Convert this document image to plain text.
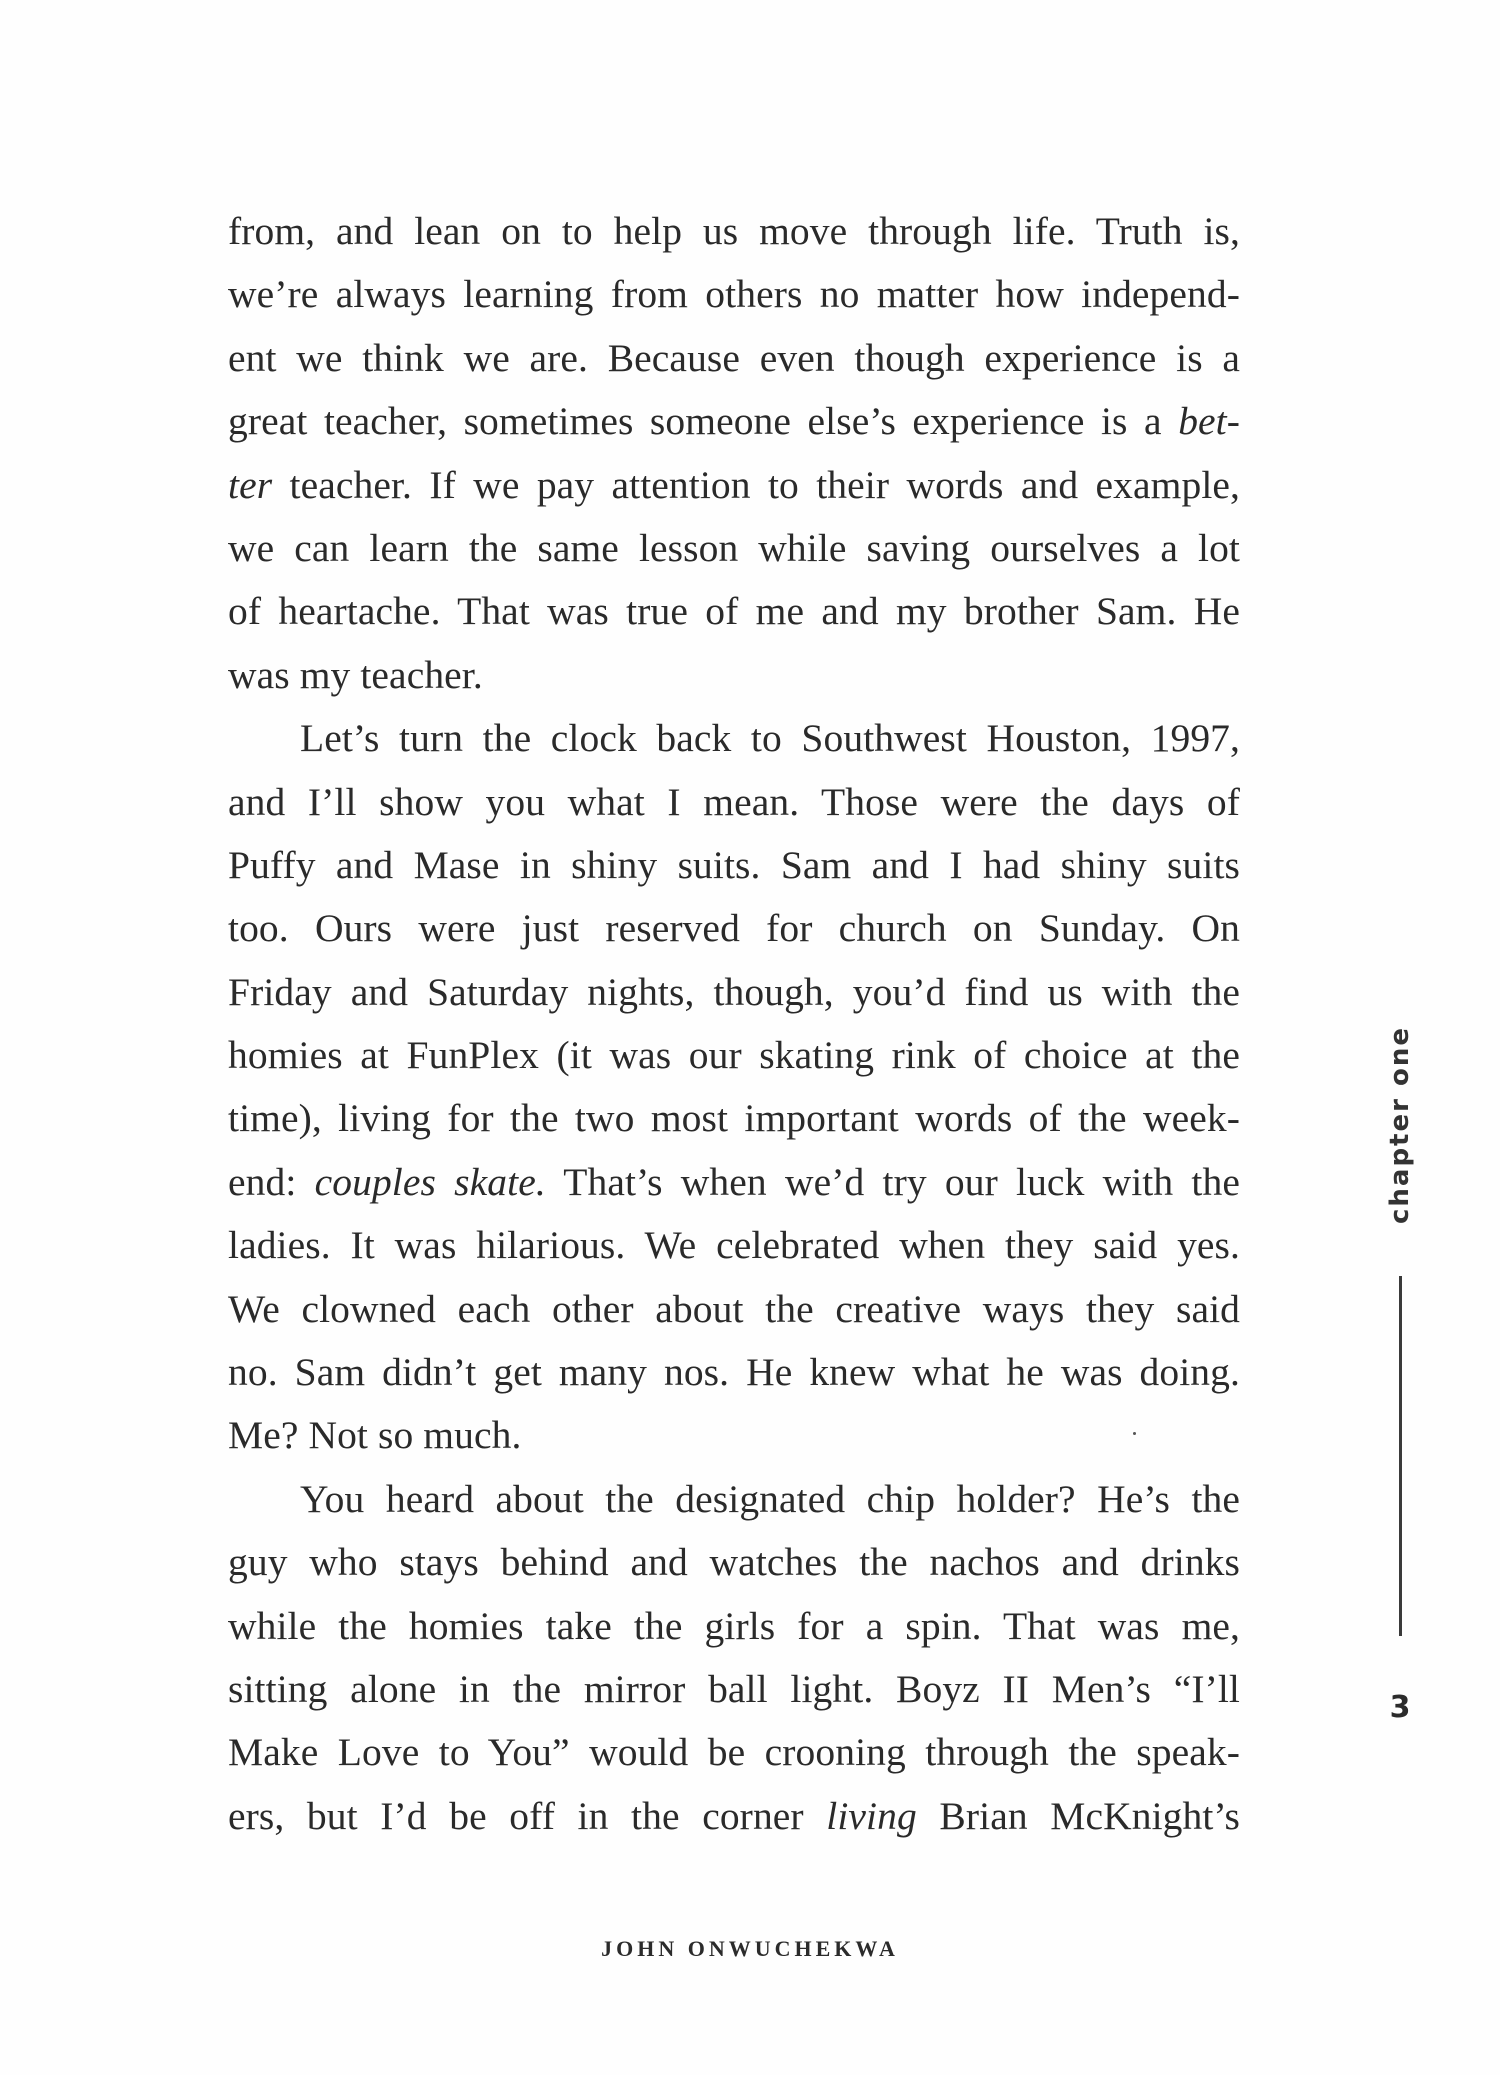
from, and lean on to help us move through life. Truth is,
we’re always learning from others no matter how independ-
ent we think we are. Because even though experience is a
great teacher, sometimes someone else’s experience is a bet-
ter teacher. If we pay attention to their words and example,
we can learn the same lesson while saving ourselves a lot
of heartache. That was true of me and my brother Sam. He
was my teacher.
Let’s turn the clock back to Southwest Houston, 1997,
and I’ll show you what I mean. Those were the days of
Puffy and Mase in shiny suits. Sam and I had shiny suits
too. Ours were just reserved for church on Sunday. On
Friday and Saturday nights, though, you’d find us with the
homies at FunPlex (it was our skating rink of choice at the
time), living for the two most important words of the week-
end: couples skate. That’s when we’d try our luck with the
ladies. It was hilarious. We celebrated when they said yes.
We clowned each other about the creative ways they said
no. Sam didn’t get many nos. He knew what he was doing.
Me? Not so much.
You heard about the designated chip holder? He’s the
guy who stays behind and watches the nachos and drinks
while the homies take the girls for a spin. That was me,
sitting alone in the mirror ball light. Boyz II Men’s “I’ll
Make Love to You” would be crooning through the speak-
ers, but I’d be off in the corner living Brian McKnight’s
chapter one
3
JOHN ONWUCHEKWA
